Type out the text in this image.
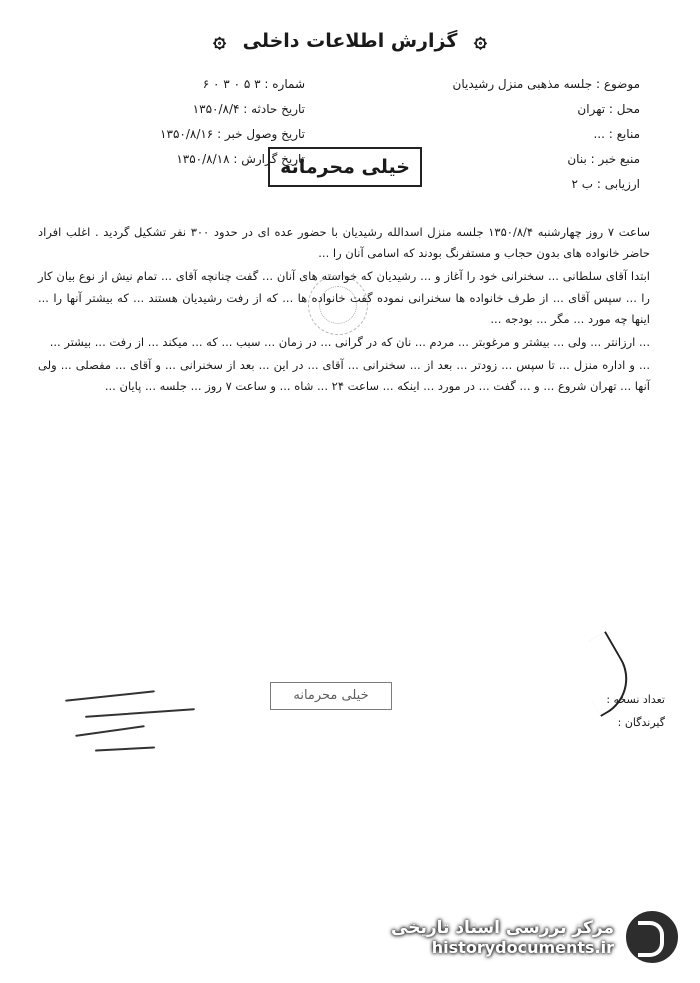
۞ گزارش اطلاعات داخلی ۞
موضوع : جلسه مذهبی منزل رشیدیان
محل : تهران
منابع : ...
منبع خبر : بنان
ارزیابی : ب ۲
شماره : ۳ ۵ ۰ ۳ ۰ ۶
تاریخ حادثه : ۱۳۵۰/۸/۴
تاریخ وصول خبر : ۱۳۵۰/۸/۱۶
تاریخ گزارش : ۱۳۵۰/۸/۱۸
خیلی محرمانه

ساعت ۷ روز چهارشنبه ۱۳۵۰/۸/۴ جلسه منزل اسدالله رشیدیان با حضور عده ای در حدود ۳۰۰ نفر تشکیل گردید . اغلب افراد حاضر خانواده های بدون حجاب و مستفرنگ بودند که اسامی آنان را ...

ابتدا آقای سلطانی ... سخنرانی خود را آغاز و ... رشیدیان که خواسته های آنان ... گفت چنانچه آقای ... تمام نیش از نوع بیان کار را ... سپس آقای ... از طرف خانواده ها سخنرانی نموده گفت خانواده ها ... که از رفت رشیدیان هستند ... که بیشتر آنها را ... اینها چه مورد ... مگر ... بودجه ...

... ارزانتر ... ولی ... بیشتر و مرغوبتر ... مردم ... نان که در گرانی ... در زمان ... سبب ... که ... میکند ... از رفت ... بیشتر ...

... و اداره منزل ... تا سپس ... زودتر ... بعد از ... سخنرانی ... آقای ... در این ... بعد از سخنرانی ... و آقای ... مفصلی ... ولی آنها ... تهران شروع ... و ... گفت ... در مورد ... اینکه ... ساعت ۲۴ ... شاه ... و ساعت ۷ روز ... جلسه ... پایان ...

خیلی محرمانه	تعداد نسخه :
گیرندگان :
مرکز بررسی اسناد تاریخی
historydocuments.ir
